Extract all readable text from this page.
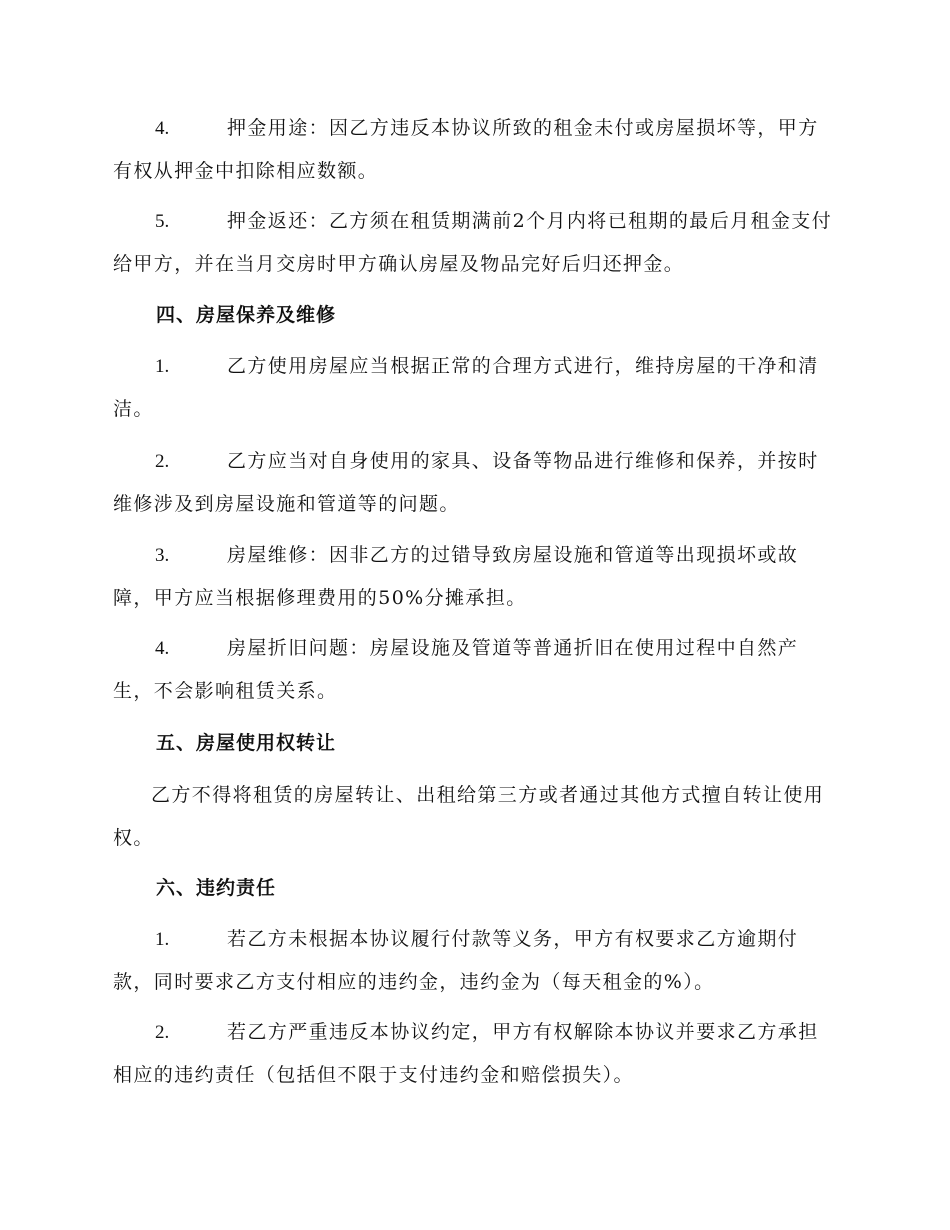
4.	押金用途：因乙方违反本协议所致的租金未付或房屋损坏等，甲方有权从押金中扣除相应数额。

5.	押金返还：乙方须在租赁期满前2个月内将已租期的最后月租金支付给甲方，并在当月交房时甲方确认房屋及物品完好后归还押金。

四、房屋保养及维修

1.	乙方使用房屋应当根据正常的合理方式进行，维持房屋的干净和清洁。

2.	乙方应当对自身使用的家具、设备等物品进行维修和保养，并按时维修涉及到房屋设施和管道等的问题。

3.	房屋维修：因非乙方的过错导致房屋设施和管道等出现损坏或故障，甲方应当根据修理费用的50%分摊承担。

4.	房屋折旧问题：房屋设施及管道等普通折旧在使用过程中自然产生，不会影响租赁关系。

五、房屋使用权转让

乙方不得将租赁的房屋转让、出租给第三方或者通过其他方式擅自转让使用权。

六、违约责任

1.	若乙方未根据本协议履行付款等义务，甲方有权要求乙方逾期付款，同时要求乙方支付相应的违约金，违约金为（每天租金的%）。

2.	若乙方严重违反本协议约定，甲方有权解除本协议并要求乙方承担相应的违约责任（包括但不限于支付违约金和赔偿损失）。
